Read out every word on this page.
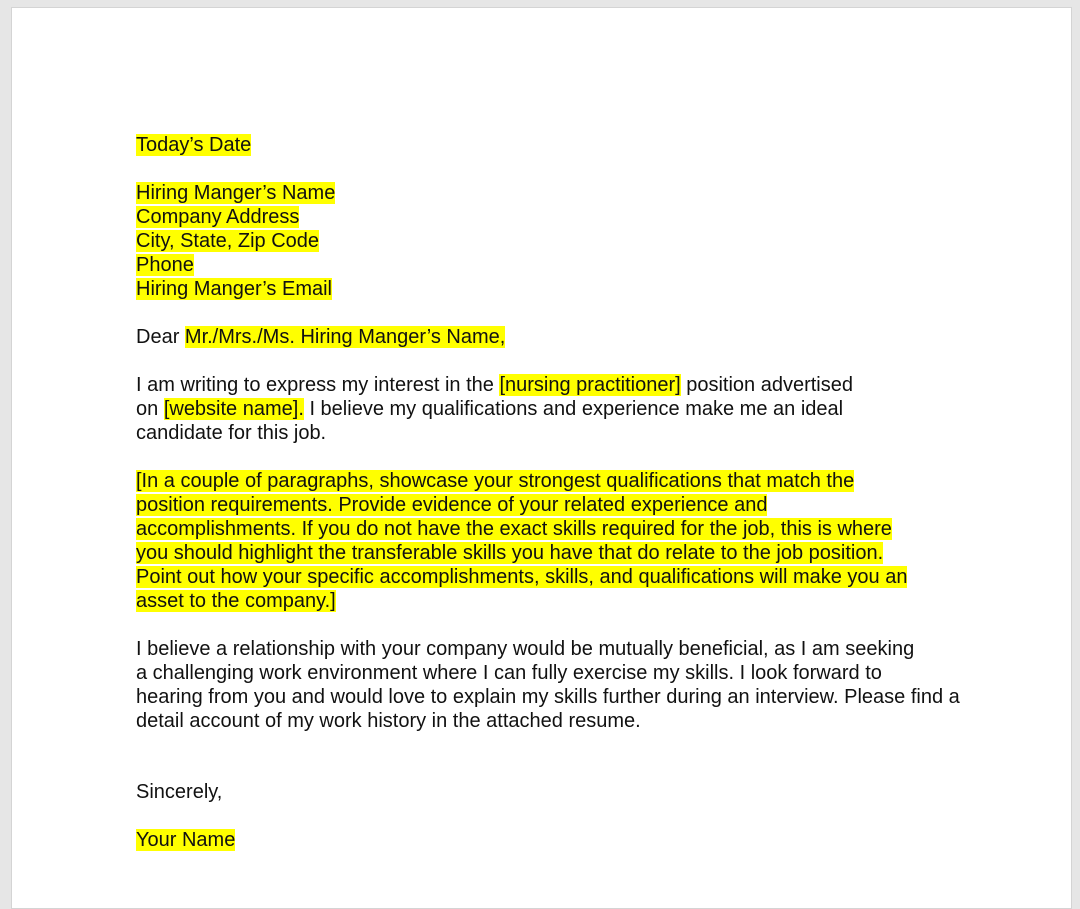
Today’s Date
Hiring Manger’s Name
Company Address
City, State, Zip Code
Phone
Hiring Manger’s Email
Dear Mr./Mrs./Ms. Hiring Manger’s Name,
I am writing to express my interest in the [nursing practitioner] position advertised
on [website name]. I believe my qualifications and experience make me an ideal
candidate for this job.
[In a couple of paragraphs, showcase your strongest qualifications that match the
position requirements. Provide evidence of your related experience and
accomplishments. If you do not have the exact skills required for the job, this is where
you should highlight the transferable skills you have that do relate to the job position.
Point out how your specific accomplishments, skills, and qualifications will make you an
asset to the company.]
I believe a relationship with your company would be mutually beneficial, as I am seeking
a challenging work environment where I can fully exercise my skills. I look forward to
hearing from you and would love to explain my skills further during an interview. Please find a
detail account of my work history in the attached resume.
Sincerely,
Your Name
